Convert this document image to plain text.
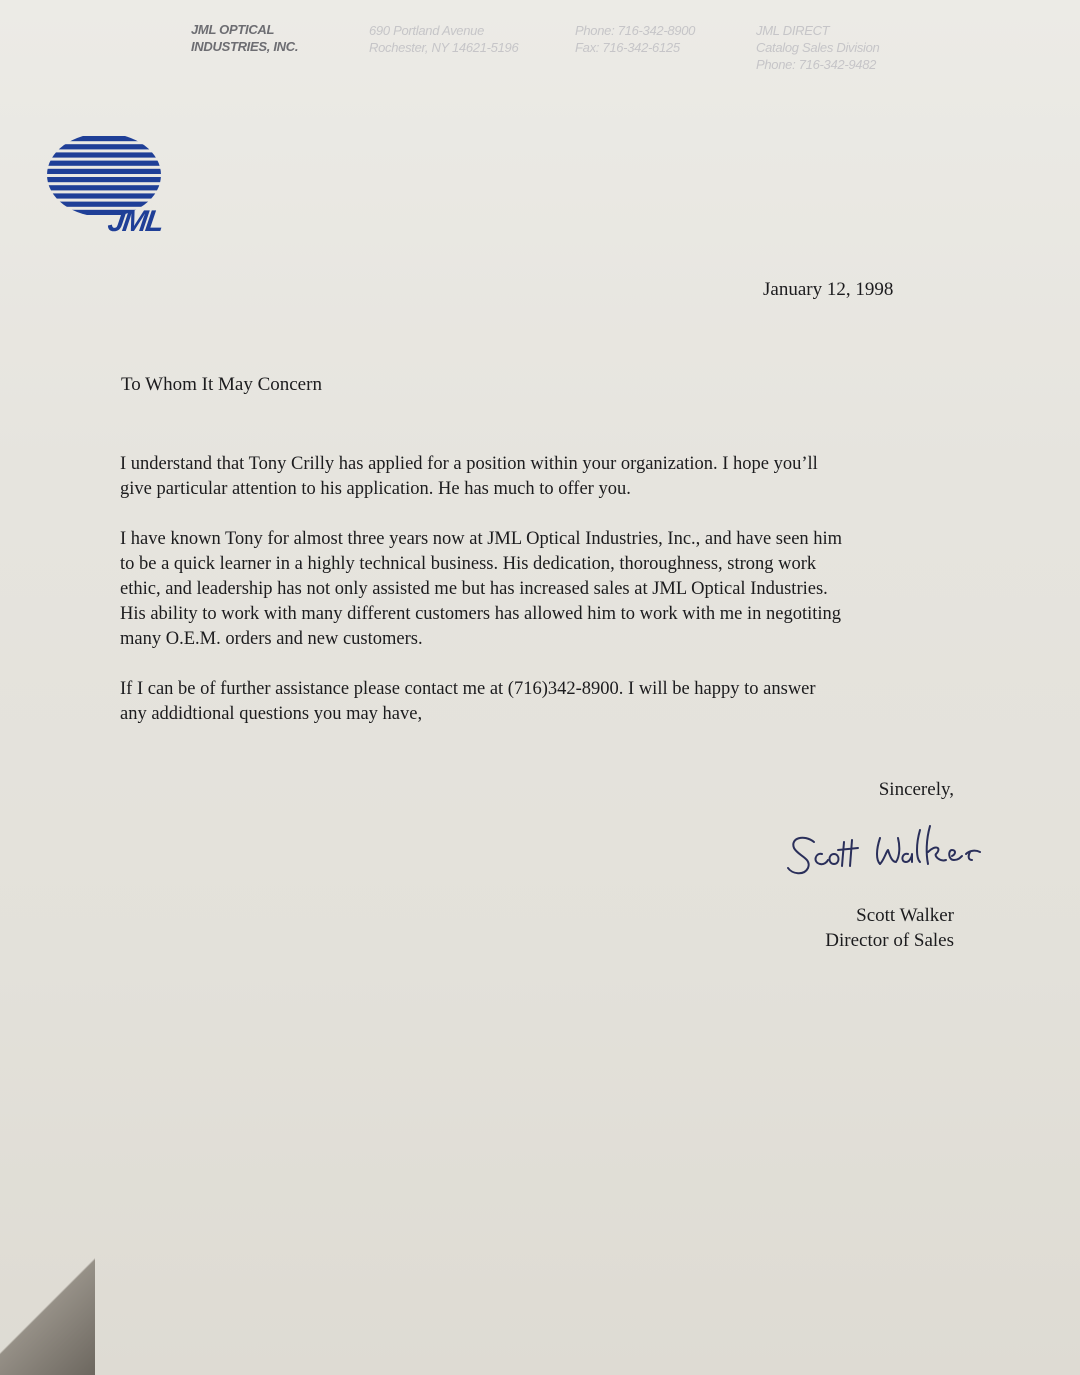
JML OPTICAL
INDUSTRIES, INC.
690 Portland Avenue
Rochester, NY 14621-5196
Phone: 716-342-8900
Fax: 716-342-6125
JML DIRECT
Catalog Sales Division
Phone: 716-342-9482
JML
January 12, 1998
To Whom It May Concern

I understand that Tony Crilly has applied for a position within your organization. I hope you’ll
give particular attention to his application. He has much to offer you.

I have known Tony for almost three years now at JML Optical Industries, Inc., and have seen him
to be a quick learner in a highly technical business. His dedication, thoroughness, strong work
ethic, and leadership has not only assisted me but has increased sales at JML Optical Industries.
His ability to work with many different customers has allowed him to work with me in negotiting
many O.E.M. orders and new customers.

If I can be of further assistance please contact me at (716)342-8900. I will be happy to answer
any addidtional questions you may have,

Sincerely,
Scott Walker
Director of Sales
